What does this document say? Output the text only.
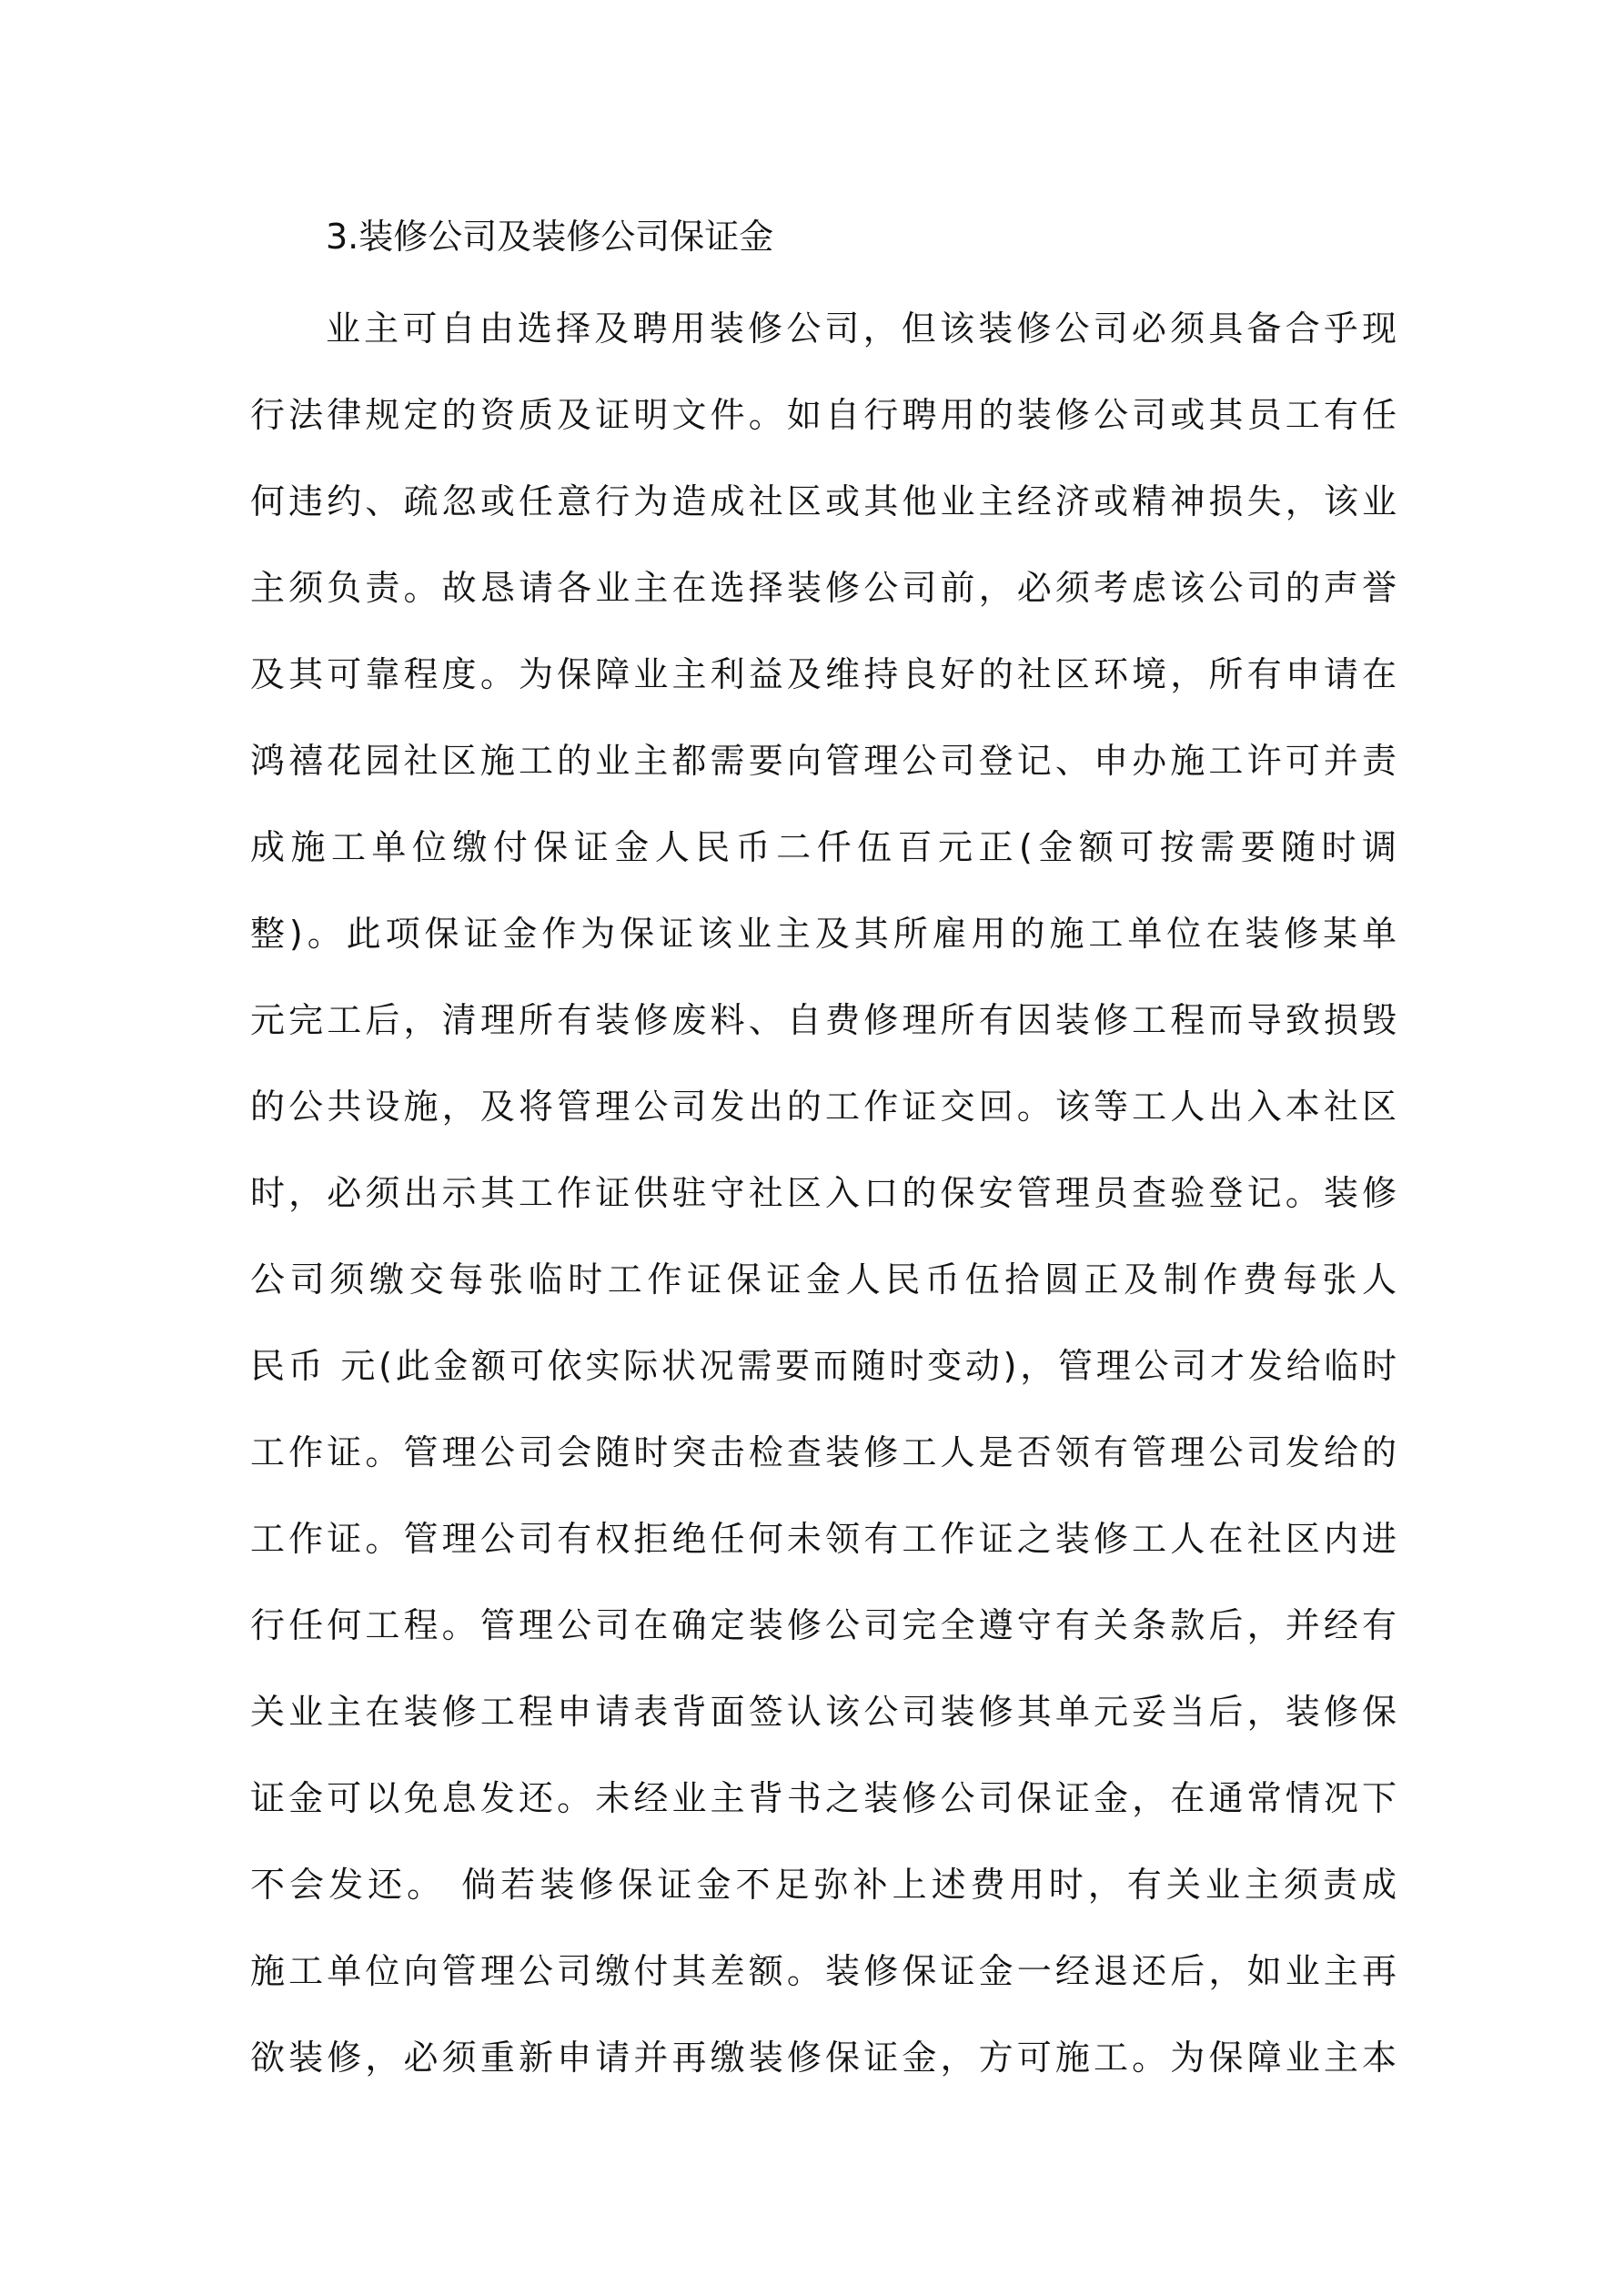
3.装修公司及装修公司保证金
业主可自由选择及聘用装修公司，但该装修公司必须具备合乎现
行法律规定的资质及证明文件。如自行聘用的装修公司或其员工有任
何违约、疏忽或任意行为造成社区或其他业主经济或精神损失，该业
主须负责。故恳请各业主在选择装修公司前，必须考虑该公司的声誉
及其可靠程度。为保障业主利益及维持良好的社区环境，所有申请在
鸿禧花园社区施工的业主都需要向管理公司登记、申办施工许可并责
成施工单位缴付保证金人民币二仟伍百元正(金额可按需要随时调
整)。此项保证金作为保证该业主及其所雇用的施工单位在装修某单
元完工后，清理所有装修废料、自费修理所有因装修工程而导致损毁
的公共设施，及将管理公司发出的工作证交回。该等工人出入本社区
时，必须出示其工作证供驻守社区入口的保安管理员查验登记。装修
公司须缴交每张临时工作证保证金人民币伍拾圆正及制作费每张人
民币 元(此金额可依实际状况需要而随时变动)，管理公司才发给临时
工作证。管理公司会随时突击检查装修工人是否领有管理公司发给的
工作证。管理公司有权拒绝任何未领有工作证之装修工人在社区内进
行任何工程。管理公司在确定装修公司完全遵守有关条款后，并经有
关业主在装修工程申请表背面签认该公司装修其单元妥当后，装修保
证金可以免息发还。未经业主背书之装修公司保证金，在通常情况下
不会发还。 倘若装修保证金不足弥补上述费用时，有关业主须责成
施工单位向管理公司缴付其差额。装修保证金一经退还后，如业主再
欲装修，必须重新申请并再缴装修保证金，方可施工。为保障业主本
